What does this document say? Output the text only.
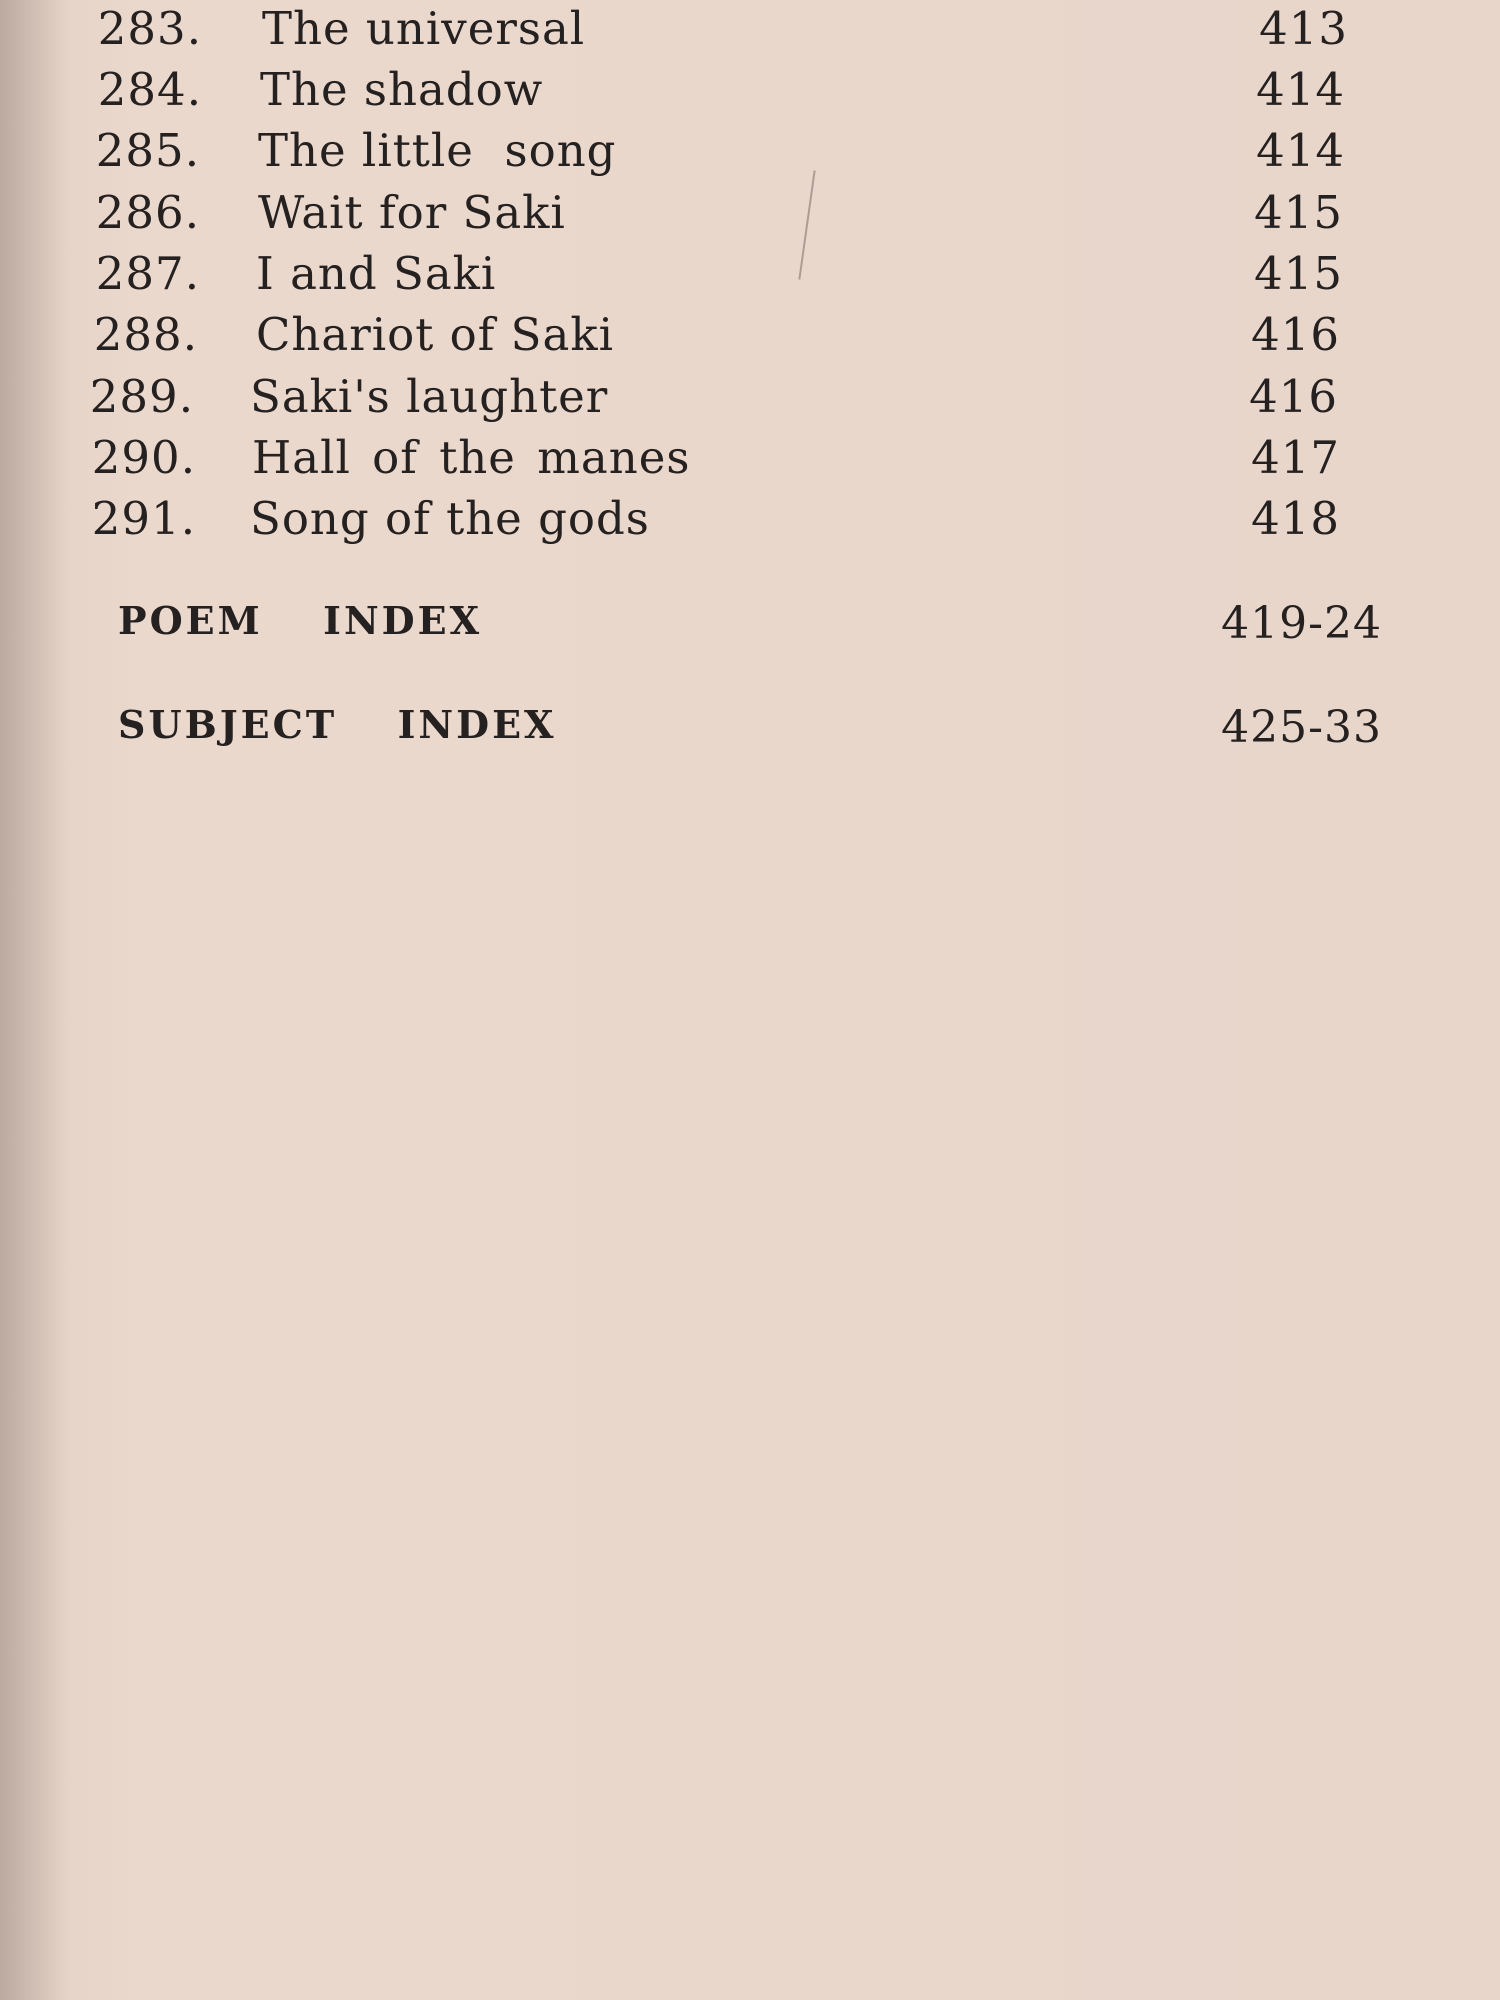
283. The universal	413
284. The shadow	414
285. The little  song	414
286. Wait for Saki	415
287. I and Saki	415
288. Chariot of Saki	416
289. Saki's laughter	416
290. Hall of the manes	417
291. Song of the gods	418
POEM  INDEX	419-24
SUBJECT  INDEX	425-33
